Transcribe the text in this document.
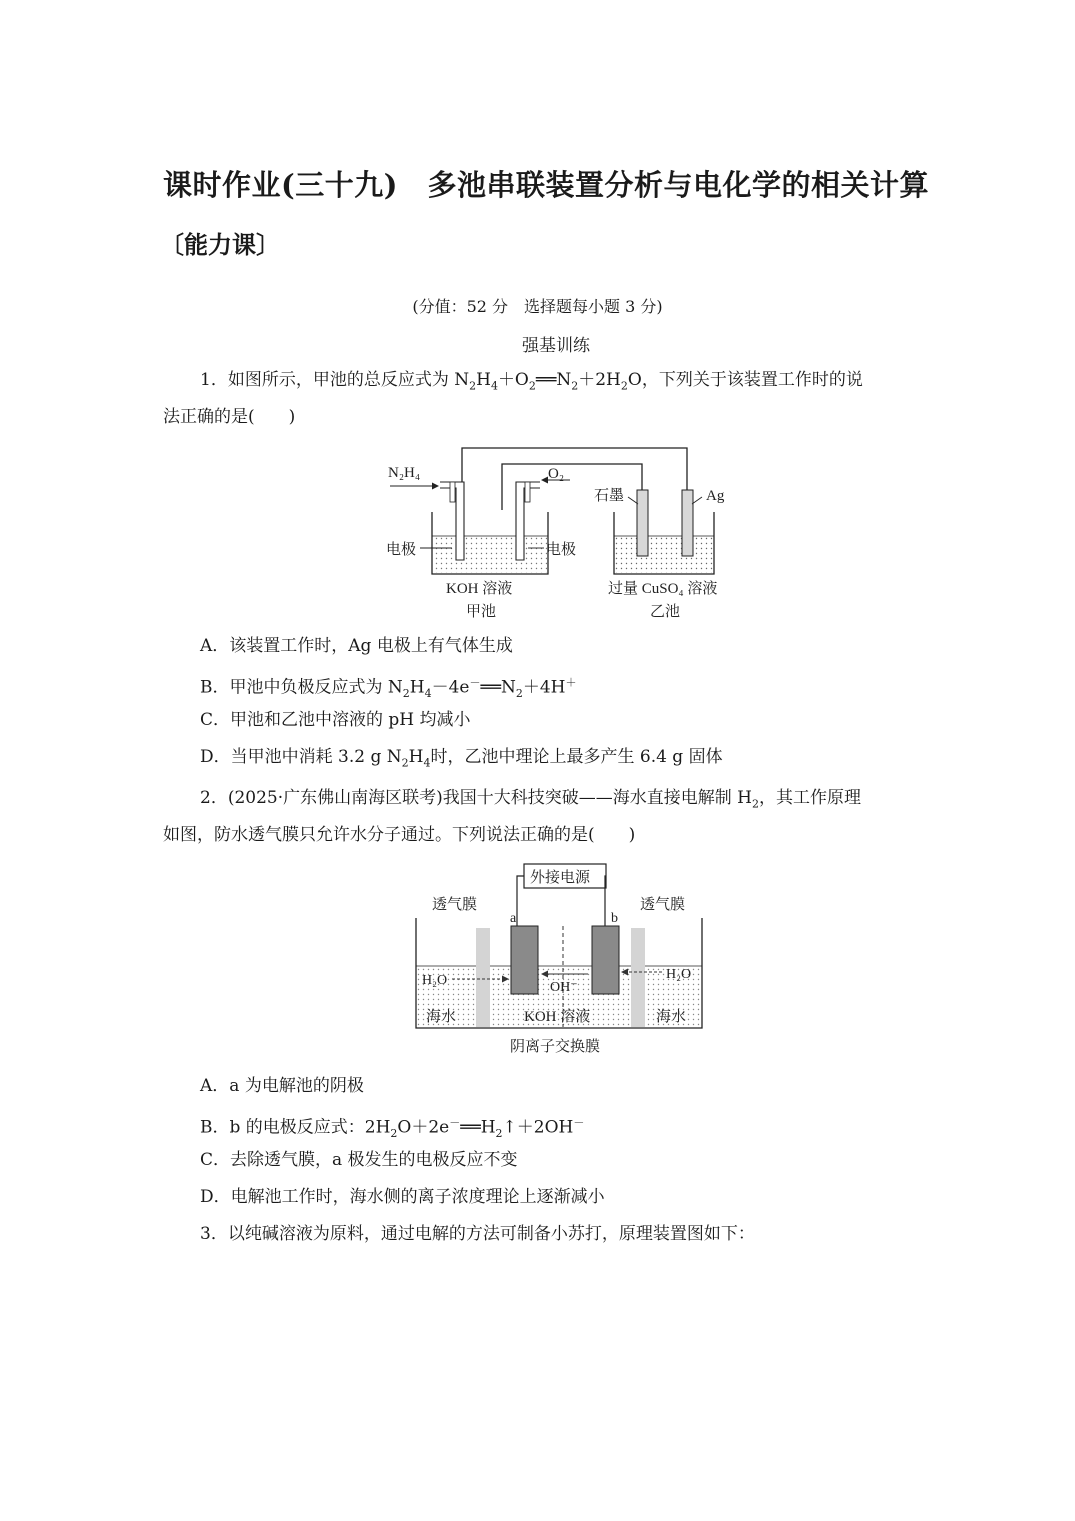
课时作业(三十九)　多池串联装置分析与电化学的相关计算
〔能力课〕
(分值：52 分　选择题每小题 3 分)
强基训练
1．如图所示，甲池的总反应式为 $N_2H_4+O_2══N_2+2H_2O$，下列关于该装置工作时的说
法正确的是(　　)
N₂H₄	O₂
石墨	Ag
电极	电极
KOH 溶液	过量 CuSO₄ 溶液
甲池	乙池
A．该装置工作时，Ag 电极上有气体生成
B．甲池中负极反应式为 $N_2H_4-4e^-══N_2+4H^+$
C．甲池和乙池中溶液的 pH 均减小
D．当甲池中消耗 3.2 g $N_2H_4$时，乙池中理论上最多产生 6.4 g 固体
2．(2025·广东佛山南海区联考)我国十大科技突破——海水直接电解制 $H_2$，其工作原理
如图，防水透气膜只允许水分子通过。下列说法正确的是(　　)
外接电源
透气膜	透气膜
a	b
H₂O	H₂O
OH⁻
海水	KOH 溶液	海水
阴离子交换膜
A．a 为电解池的阴极
B．b 的电极反应式：$2H_2O+2e^-══H_2↑+2OH^-$
C．去除透气膜，a 极发生的电极反应不变
D．电解池工作时，海水侧的离子浓度理论上逐渐减小
3．以纯碱溶液为原料，通过电解的方法可制备小苏打，原理装置图如下：
